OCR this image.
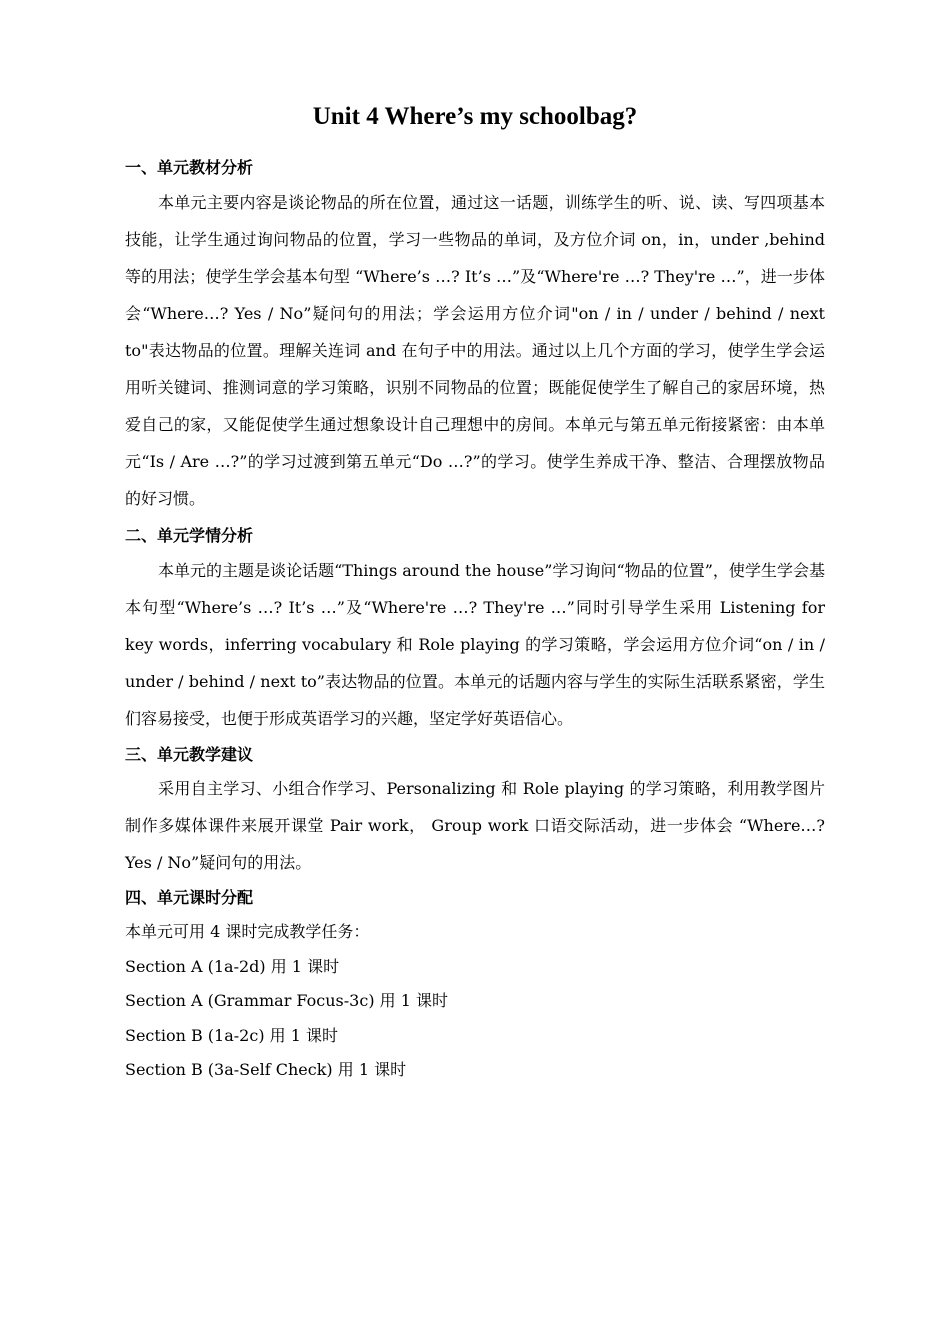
Unit 4 Where’s my schoolbag?
一、单元教材分析
本单元主要内容是谈论物品的所在位置，通过这一话题，训练学生的听、说、读、写四项基本技能，让学生通过询问物品的位置，学习一些物品的单词，及方位介词 on，in，under ,behind 等的用法；使学生学会基本句型 “Where’s …? It’s …”及“Where're …? They're …”，进一步体会“Where…? Yes / No”疑问句的用法；学会运用方位介词"on / in / under / behind / next to"表达物品的位置。理解关连词 and 在句子中的用法。通过以上几个方面的学习，使学生学会运用听关键词、推测词意的学习策略，识别不同物品的位置；既能促使学生了解自己的家居环境，热爱自己的家，又能促使学生通过想象设计自己理想中的房间。本单元与第五单元衔接紧密：由本单元“Is / Are …?”的学习过渡到第五单元“Do …?”的学习。使学生养成干净、整洁、合理摆放物品的好习惯。
二、单元学情分析
本单元的主题是谈论话题“Things around the house”学习询问“物品的位置”，使学生学会基本句型“Where’s …? It’s …”及“Where're …? They're …”同时引导学生采用 Listening for key words，inferring vocabulary 和 Role playing 的学习策略，学会运用方位介词“on / in / under / behind / next to”表达物品的位置。本单元的话题内容与学生的实际生活联系紧密，学生们容易接受，也便于形成英语学习的兴趣，坚定学好英语信心。
三、单元教学建议
采用自主学习、小组合作学习、Personalizing 和 Role playing 的学习策略，利用教学图片制作多媒体课件来展开课堂 Pair work， Group work 口语交际活动，进一步体会 “Where…? Yes / No”疑问句的用法。
四、单元课时分配
本单元可用 4 课时完成教学任务：
Section A (1a-2d) 用 1 课时
Section A (Grammar Focus-3c) 用 1 课时
Section B (1a-2c) 用 1 课时
Section B (3a-Self Check) 用 1 课时
